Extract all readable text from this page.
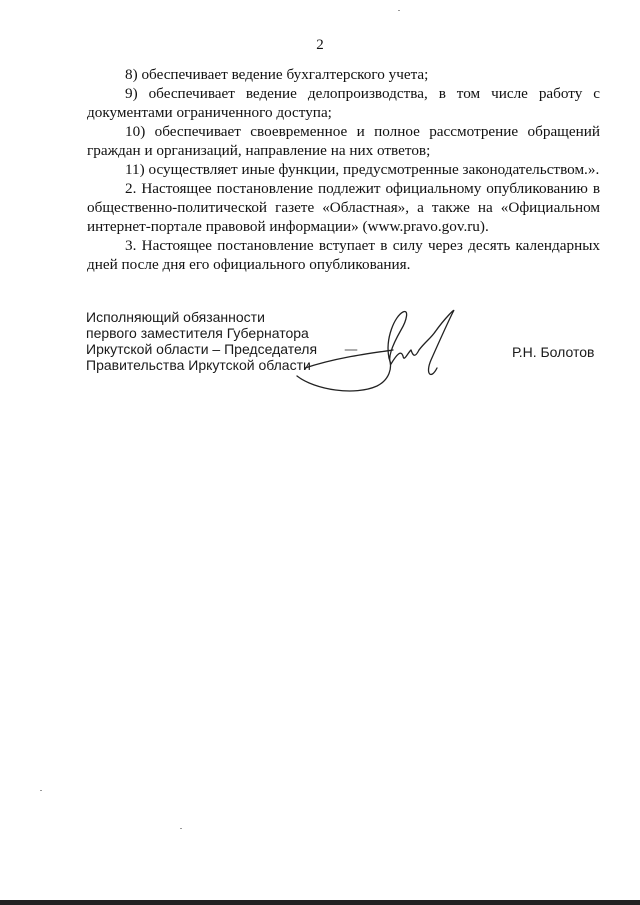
2

8) обеспечивает ведение бухгалтерского учета;

9) обеспечивает ведение делопроизводства, в том числе работу с документами ограниченного доступа;

10) обеспечивает своевременное и полное рассмотрение обращений граждан и организаций, направление на них ответов;

11) осуществляет иные функции, предусмотренные законодательством.».

2. Настоящее постановление подлежит официальному опубликованию в общественно-политической газете «Областная», а также на «Официальном интернет-портале правовой информации» (www.pravo.gov.ru).

3. Настоящее постановление вступает в силу через десять календарных дней после дня его официального опубликования.

Исполняющий обязанности
первого заместителя Губернатора
Иркутской области – Председателя
Правительства Иркутской области
Р.Н. Болотов
